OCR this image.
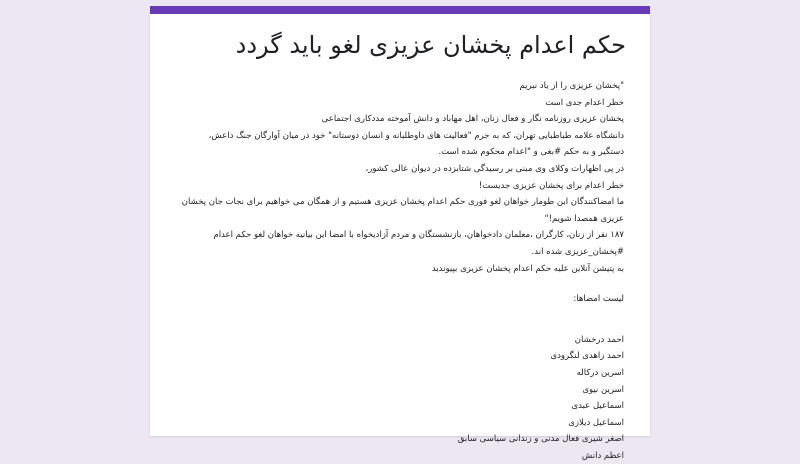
حکم اعدام پخشان عزیزی لغو باید گردد

"پخشان عزیزی را از یاد نبریم

خطر اعدام جدی است

پخشان عزیزی روزنامه نگار و فعال زنان، اهل مهاباد و دانش آموخته مددکاری اجتماعی

دانشگاه علامه طباطبایی تهران، که به جرم "فعالیت های داوطلبانه و انسان دوستانه" خود در میان آوارگان جنگ داعش،

دستگیر و به حکم #بغی و "اعدام محکوم شده است.

در پی اظهارات وکلای وی مبنی بر رسیدگی شتابزده در دیوان عالی کشور،

خطر اعدام برای پخشان عزیزی جدیست!

ما امضاکنندگان این طومار خواهان لغو فوری حکم اعدام پخشان عزیزی هستیم و از همگان می خواهیم برای نجات جان پخشان

عزیزی همصدا شویم!"

۱۸۷ نفر از زنان، کارگران ،معلمان دادخواهان، بازنشستگان و مردم آزادیخواه با امضا این بیانیه خواهان لغو حکم اعدام

#پخشان_عزیزی شده اند.

به پتیشن آنلاین علیه حکم اعدام پخشان عزیزی بپیوندید

لیست امضاها:

احمد درخشان

احمد زاهدی لنگرودی

اسرین درکاله

اسرین نیوی

اسماعیل عبدی

اسماعیل دیلازی

اصغر شیری فعال مدنی و زندانی سیاسی سابق

اعظم دانش
